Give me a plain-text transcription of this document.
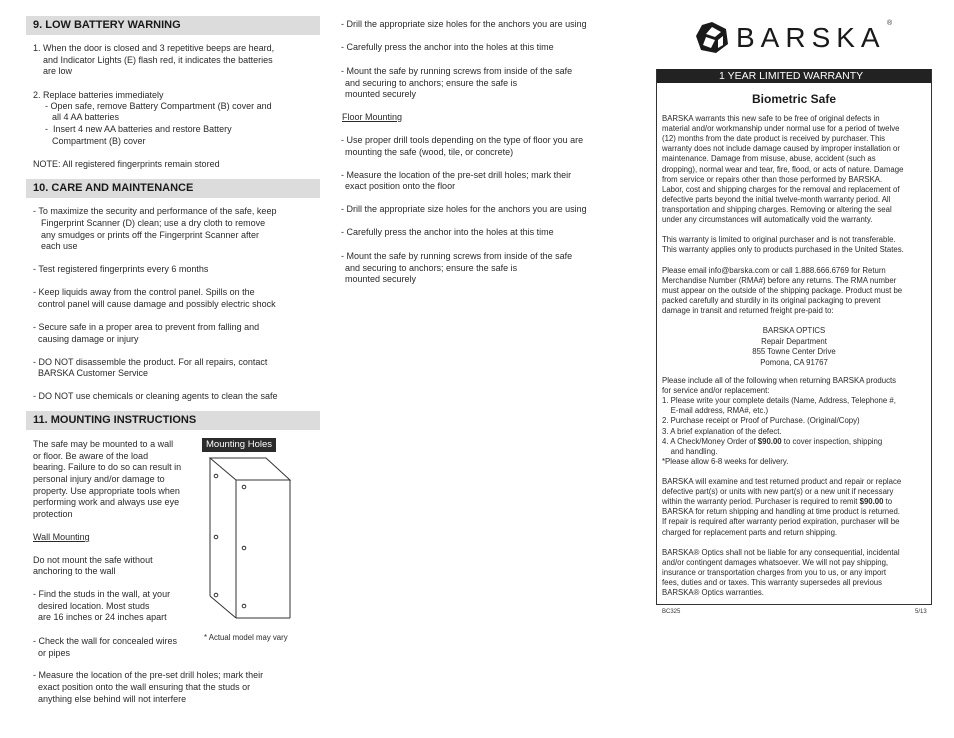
9. LOW BATTERY WARNING
1. When the door is closed and 3 repetitive beeps are heard,
and Indicator Lights (E) flash red, it indicates the batteries
are low
2. Replace batteries immediately
- Open safe, remove Battery Compartment (B) cover and
all 4 AA batteries
-  Insert 4 new AA batteries and restore Battery
Compartment (B) cover
NOTE: All registered fingerprints remain stored
10. CARE AND MAINTENANCE
- To maximize the security and performance of the safe, keep
Fingerprint Scanner (D) clean; use a dry cloth to remove
any smudges or prints off the Fingerprint Scanner after
each use
- Test registered fingerprints every 6 months
- Keep liquids away from the control panel. Spills on the
control panel will cause damage and possibly electric shock
- Secure safe in a proper area to prevent from falling and
causing damage or injury
- DO NOT disassemble the product. For all repairs, contact
BARSKA Customer Service
- DO NOT use chemicals or cleaning agents to clean the safe
11. MOUNTING INSTRUCTIONS
The safe may be mounted to a wall
or floor. Be aware of the load
bearing. Failure to do so can result in
personal injury and/or damage to
property. Use appropriate tools when
performing work and always use eye
protection
Wall Mounting
Do not mount the safe without
anchoring to the wall
- Find the studs in the wall, at your
desired location. Most studs
are 16 inches or 24 inches apart
- Check the wall for concealed wires
or pipes
- Measure the location of the pre-set drill holes; mark their
exact position onto the wall ensuring that the studs or
anything else behind will not interfere
Mounting Holes
* Actual model may vary
- Drill the appropriate size holes for the anchors you are using
- Carefully press the anchor into the holes at this time
- Mount the safe by running screws from inside of the safe
and securing to anchors; ensure the safe is
mounted securely
Floor Mounting
- Use proper drill tools depending on the type of floor you are
mounting the safe (wood, tile, or concrete)
- Measure the location of the pre-set drill holes; mark their
exact position onto the floor
- Drill the appropriate size holes for the anchors you are using
- Carefully press the anchor into the holes at this time
- Mount the safe by running screws from inside of the safe
and securing to anchors; ensure the safe is
mounted securely
BARSKA ®
1 YEAR LIMITED WARRANTY
Biometric Safe
BARSKA warrants this new safe to be free of original defects in
material and/or workmanship under normal use for a period of twelve
(12) months from the date product is received by purchaser. This
warranty does not include damage caused by improper installation or
maintenance. Damage from misuse, abuse, accident (such as
dropping), normal wear and tear, fire, flood, or acts of nature. Damage
from service or repairs other than those performed by BARSKA.
Labor, cost and shipping charges for the removal and replacement of
defective parts beyond the initial twelve-month warranty period. All
transportation and shipping charges. Removing or altering the seal
under any circumstances will automatically void the warranty.
This warranty is limited to original purchaser and is not transferable.
This warranty applies only to products purchased in the United States.
Please email info@barska.com or call 1.888.666.6769 for Return
Merchandise Number (RMA#) before any returns. The RMA number
must appear on the outside of the shipping package. Product must be
packed carefully and sturdily in its original packaging to prevent
damage in transit and returned freight pre-paid to:
BARSKA OPTICS
Repair Department
855 Towne Center Drive
Pomona, CA 91767
Please include all of the following when returning BARSKA products
for service and/or replacement:
1. Please write your complete details (Name, Address, Telephone #,
E-mail address, RMA#, etc.)
2. Purchase receipt or Proof of Purchase. (Original/Copy)
3. A brief explanation of the defect.
4. A Check/Money Order of $90.00 to cover inspection, shipping
and handling.
*Please allow 6-8 weeks for delivery.
BARSKA will examine and test returned product and repair or replace
defective part(s) or units with new part(s) or a new unit if necessary
within the warranty period. Purchaser is required to remit $90.00 to
BARSKA for return shipping and handling at time product is returned.
If repair is required after warranty period expiration, purchaser will be
charged for replacement parts and return shipping.
BARSKA® Optics shall not be liable for any consequential, incidental
and/or contingent damages whatsoever. We will not pay shipping,
insurance or transportation charges from you to us, or any import
fees, duties and or taxes. This warranty supersedes all previous
BARSKA® Optics warranties.
BC325	5/13
